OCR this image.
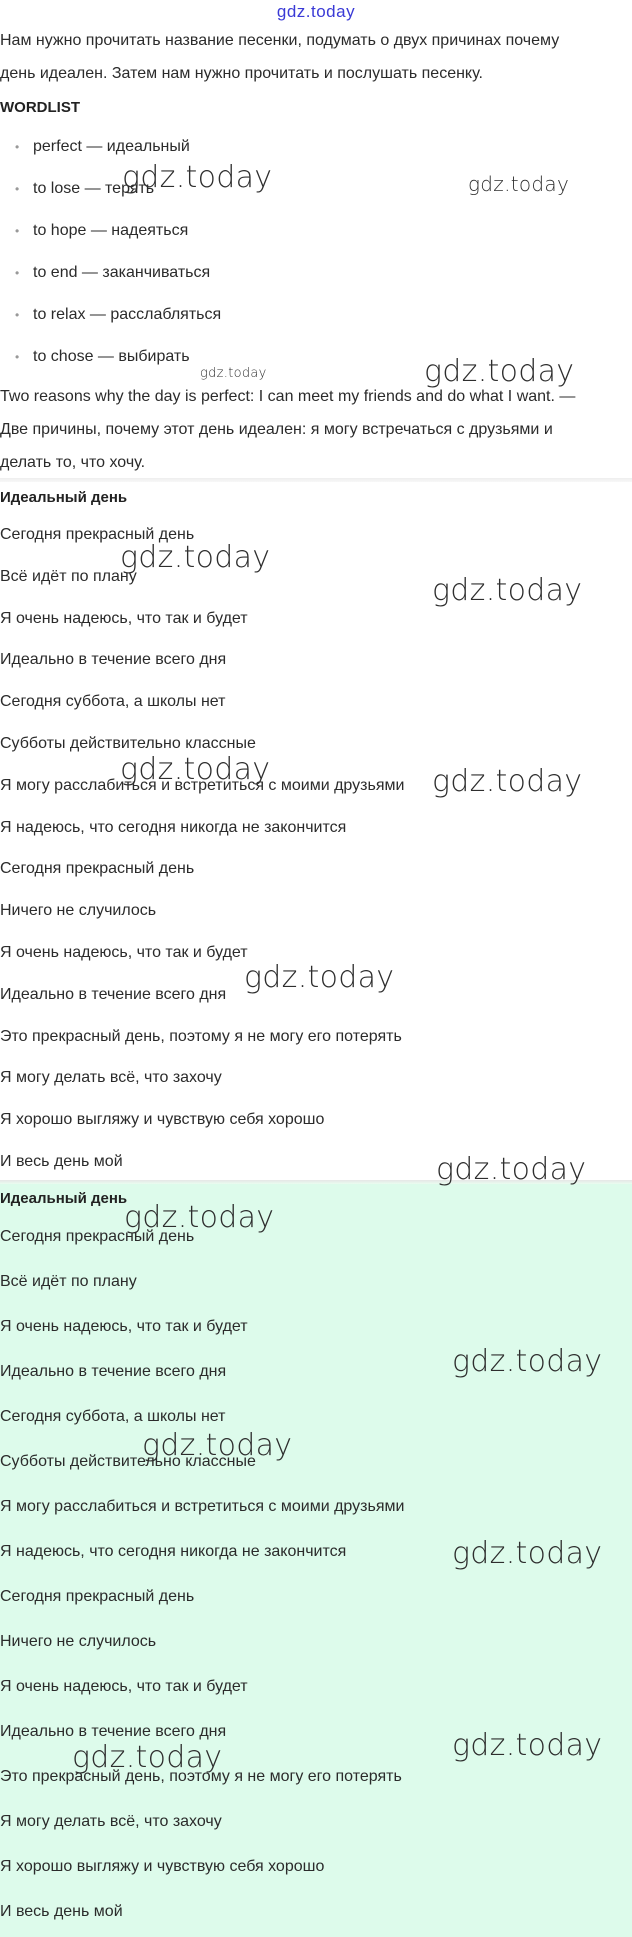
gdz.today

Нам нужно прочитать название песенки, подумать о двух причинах почему

день идеален. Затем нам нужно прочитать и послушать песенку.

WORDLIST
• perfect — идеальный
• to lose — терять
• to hope — надеяться
• to end — заканчиваться
• to relax — расслабляться
• to chose — выбирать

Two reasons why the day is perfect: I can meet my friends and do what I want. —

Две причины, почему этот день идеален: я могу встречаться с друзьями и

делать то, что хочу.

Идеальный день
Сегодня прекрасный день
Всё идёт по плану
Я очень надеюсь, что так и будет
Идеально в течение всего дня
Сегодня суббота, а школы нет
Субботы действительно классные
Я могу расслабиться и встретиться с моими друзьями
Я надеюсь, что сегодня никогда не закончится
Сегодня прекрасный день
Ничего не случилось
Я очень надеюсь, что так и будет
Идеально в течение всего дня
Это прекрасный день, поэтому я не могу его потерять
Я могу делать всё, что захочу
Я хорошо выгляжу и чувствую себя хорошо
И весь день мой
Идеальный день
Сегодня прекрасный день
Всё идёт по плану
Я очень надеюсь, что так и будет
Идеально в течение всего дня
Сегодня суббота, а школы нет
Субботы действительно классные
Я могу расслабиться и встретиться с моими друзьями
Я надеюсь, что сегодня никогда не закончится
Сегодня прекрасный день
Ничего не случилось
Я очень надеюсь, что так и будет
Идеально в течение всего дня
Это прекрасный день, поэтому я не могу его потерять
Я могу делать всё, что захочу
Я хорошо выгляжу и чувствую себя хорошо
И весь день мой
gdz.today	gdz.today
gdz.today	gdz.today
gdz.today
gdz.today
gdz.today	gdz.today
gdz.today
gdz.today
gdz.today
gdz.today
gdz.today
gdz.today
gdz.today	gdz.today
